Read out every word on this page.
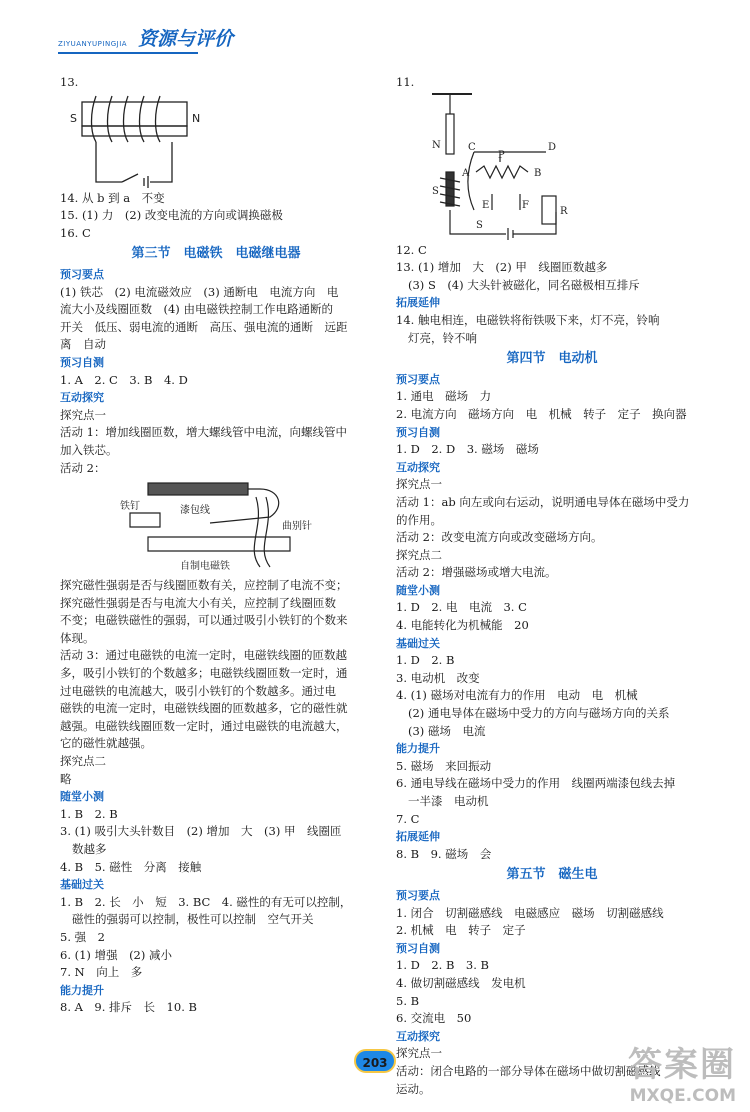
资源与评价
ZIYUANYUPINGJIA
13.
S	N
14. 从 b 到 a　不变
15. (1) 力　(2) 改变电流的方向或调换磁极
16. C
第三节　电磁铁　电磁继电器
预习要点
(1) 铁芯　(2) 电流磁效应　(3) 通断电　电流方向　电
流大小及线圈匝数　(4) 由电磁铁控制工作电路通断的
开关　低压、弱电流的通断　高压、强电流的通断　远距
离　自动
预习自测
1. A　2. C　3. B　4. D
互动探究
探究点一
活动 1：增加线圈匝数，增大螺线管中电流，向螺线管中
加入铁芯。
活动 2：
铁钉	漆包线
曲别针
自制电磁铁
探究磁性强弱是否与线圈匝数有关，应控制了电流不变；
探究磁性强弱是否与电流大小有关，应控制了线圈匝数
不变；电磁铁磁性的强弱，可以通过吸引小铁钉的个数来
体现。
活动 3：通过电磁铁的电流一定时，电磁铁线圈的匝数越
多，吸引小铁钉的个数越多；电磁铁线圈匝数一定时，通
过电磁铁的电流越大，吸引小铁钉的个数越多。通过电
磁铁的电流一定时，电磁铁线圈的匝数越多，它的磁性就
越强。电磁铁线圈匝数一定时，通过电磁铁的电流越大，
它的磁性就越强。
探究点二
略
随堂小测
1. B　2. B
3. (1) 吸引大头针数目　(2) 增加　大　(3) 甲　线圈匝
数越多
4. B　5. 磁性　分离　接触
基础过关
1. B　2. 长　小　短　3. BC　4. 磁性的有无可以控制，
磁性的强弱可以控制，极性可以控制　空气开关
5. 强　2
6. (1) 增强　(2) 减小
7. N　向上　多
能力提升
8. A　9. 排斥　长　10. B
11.
N
S
C	D
P
A	B
E	F
R
S
12. C
13. (1) 增加　大　(2) 甲　线圈匝数越多
(3) S　(4) 大头针被磁化，同名磁极相互排斥
拓展延伸
14. 触电相连，电磁铁将衔铁吸下来，灯不亮，铃响
灯亮，铃不响
第四节　电动机
预习要点
1. 通电　磁场　力
2. 电流方向　磁场方向　电　机械　转子　定子　换向器
预习自测
1. D　2. D　3. 磁场　磁场
互动探究
探究点一
活动 1：ab 向左或向右运动，说明通电导体在磁场中受力
的作用。
活动 2：改变电流方向或改变磁场方向。
探究点二
活动 2：增强磁场或增大电流。
随堂小测
1. D　2. 电　电流　3. C
4. 电能转化为机械能　20
基础过关
1. D　2. B
3. 电动机　改变
4. (1) 磁场对电流有力的作用　电动　电　机械
(2) 通电导体在磁场中受力的方向与磁场方向的关系
(3) 磁场　电流
能力提升
5. 磁场　来回振动
6. 通电导线在磁场中受力的作用　线圈两端漆包线去掉
一半漆　电动机
7. C
拓展延伸
8. B　9. 磁场　会
第五节　磁生电
预习要点
1. 闭合　切割磁感线　电磁感应　磁场　切割磁感线
2. 机械　电　转子　定子
预习自测
1. D　2. B　3. B
4. 做切割磁感线　发电机
5. B
6. 交流电　50
互动探究
探究点一
活动：闭合电路的一部分导体在磁场中做切割磁感线
运动。
203	答案圈
MXQE.COM
